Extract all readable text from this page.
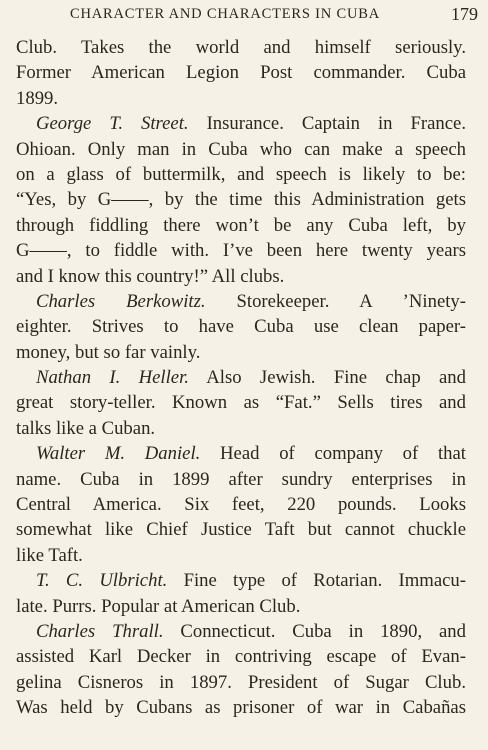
CHARACTER AND CHARACTERS IN CUBA	179
Club. Takes the world and himself seriously.
Former American Legion Post commander. Cuba
1899.
George T. Street. Insurance. Captain in France.
Ohioan. Only man in Cuba who can make a speech
on a glass of buttermilk, and speech is likely to be:
“Yes, by G——, by the time this Administration gets
through fiddling there won’t be any Cuba left, by
G——, to fiddle with. I’ve been here twenty years
and I know this country!” All clubs.
Charles Berkowitz. Storekeeper. A ’Ninety-
eighter. Strives to have Cuba use clean paper-
money, but so far vainly.
Nathan I. Heller. Also Jewish. Fine chap and
great story-teller. Known as “Fat.” Sells tires and
talks like a Cuban.
Walter M. Daniel. Head of company of that
name. Cuba in 1899 after sundry enterprises in
Central America. Six feet, 220 pounds. Looks
somewhat like Chief Justice Taft but cannot chuckle
like Taft.
T. C. Ulbricht. Fine type of Rotarian. Immacu-
late. Purrs. Popular at American Club.
Charles Thrall. Connecticut. Cuba in 1890, and
assisted Karl Decker in contriving escape of Evan-
gelina Cisneros in 1897. President of Sugar Club.
Was held by Cubans as prisoner of war in Cabañas
